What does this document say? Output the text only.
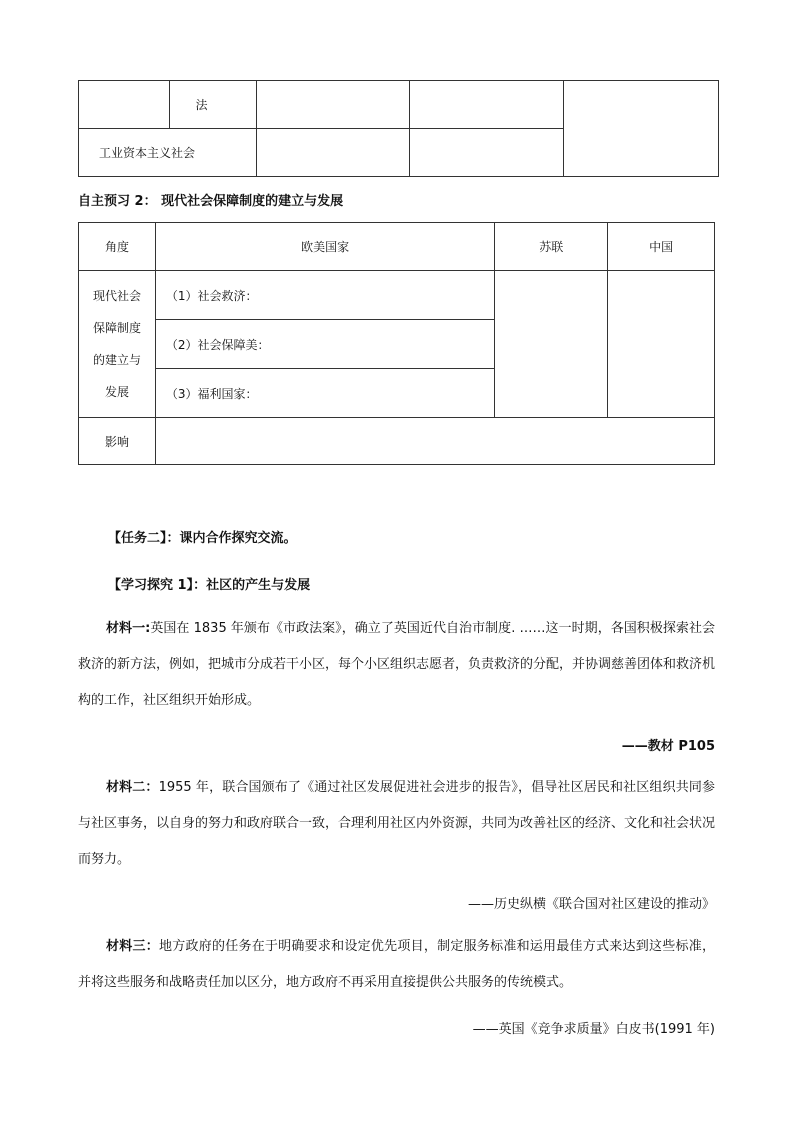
	法			
工业资本主义社会				
自主预习 2： 现代社会保障制度的建立与发展
角度	欧美国家	苏联	中国
现代社会
保障制度
的建立与
发展	（1）社会救济：		
	（2）社会保障美：		
	（3）福利国家：		
影响			
【任务二】：课内合作探究交流。
【学习探究 1】：社区的产生与发展
材料一:英国在 1835 年颁布《市政法案》，确立了英国近代自治市制度. ……这一时期，各国积极探索社会救济的新方法，例如，把城市分成若干小区，每个小区组织志愿者，负责救济的分配，并协调慈善团体和救济机构的工作，社区组织开始形成。
——教材 P105
材料二：1955 年，联合国颁布了《通过社区发展促进社会进步的报告》，倡导社区居民和社区组织共同参与社区事务，以自身的努力和政府联合一致，合理利用社区内外资源，共同为改善社区的经济、文化和社会状况而努力。
——历史纵横《联合国对社区建设的推动》
材料三：地方政府的任务在于明确要求和设定优先项目，制定服务标准和运用最佳方式来达到这些标准，并将这些服务和战略责任加以区分，地方政府不再采用直接提供公共服务的传统模式。
——英国《竞争求质量》白皮书(1991 年)
